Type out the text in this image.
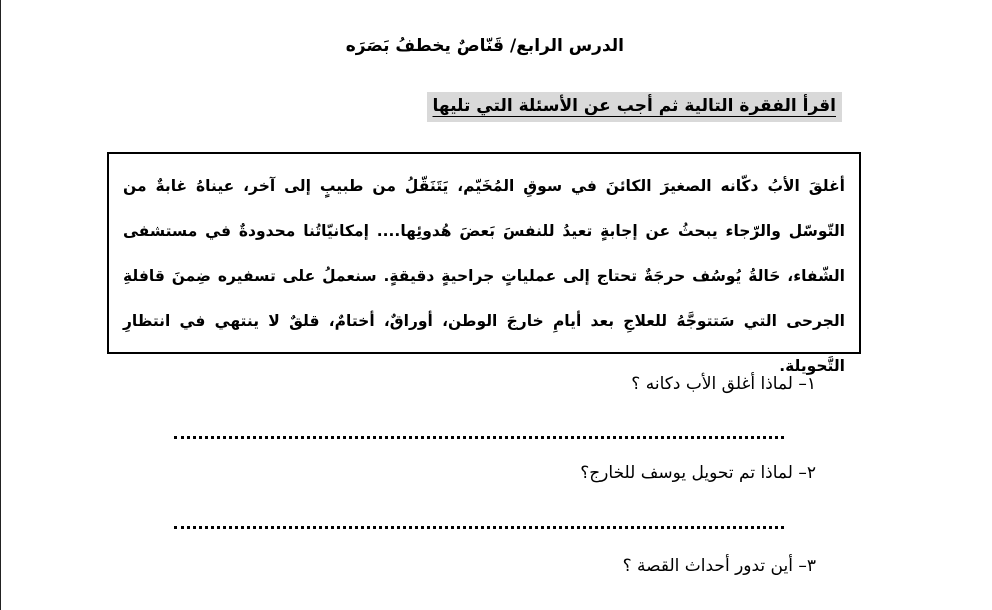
الدرس الرابع/ قَنّاصٌ يخطفُ بَصَرَه
اقرأ الفقرة التالية ثم أجب عن الأسئلة التي تليها

أغلقَ الأبُ دكّانه الصغيرَ الكائنَ في سوقِ المُخَيّم، يَتَنَقّلُ من طبيبٍ إلى آخر، عيناهُ غابةٌ من التّوسّل والرّجاء يبحثُ عن إجابةٍ تعيدُ للنفسَ بَعضَ هُدوئِها.... إمكانيّاتُنا محدودةٌ في مستشفى الشّفاء، حَالةُ يُوسُف حرجَةٌ تحتاج إلى عملياتٍ جراحيةٍ دقيقةٍ. سنعملُ على تسفيره ضِمنَ قافلةِ الجرحى التي سَتتوجَّهُ للعلاجِ بعد أيامِ خارجَ الوطن، أوراقٌ، أختامٌ، قلقٌ لا ينتهي في انتظارِ التَّحويلة.

١– لماذا أغلق الأب دكانه ؟
٢– لماذا تم تحويل يوسف للخارج؟
٣– أين تدور أحداث القصة ؟
